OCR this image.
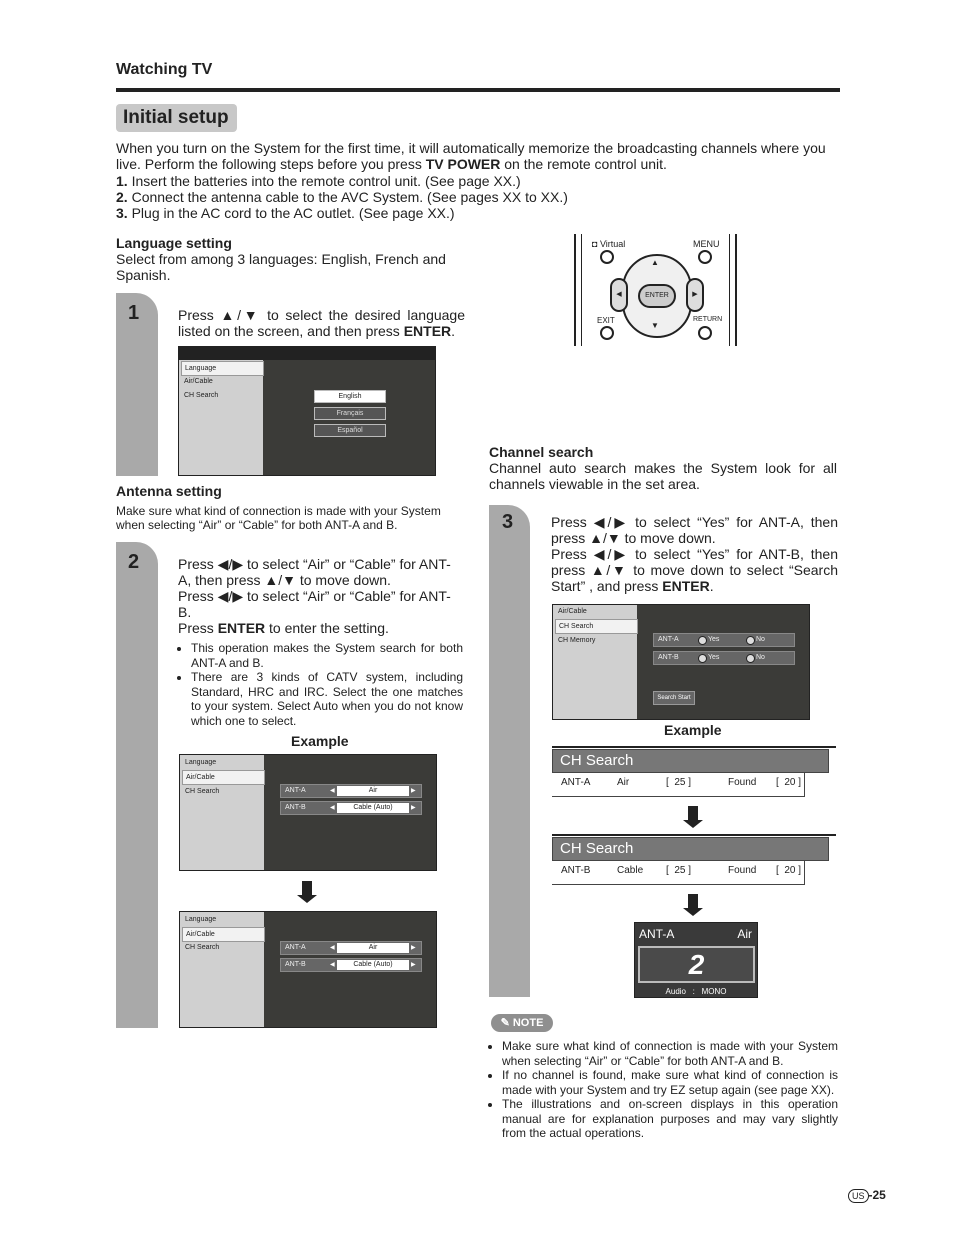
Watching TV
Initial setup
When you turn on the System for the first time, it will automatically memorize the broadcasting channels where you live. Perform the following steps before you press TV POWER on the remote control unit.
1. Insert the batteries into the remote control unit. (See page XX.)
2. Connect the antenna cable to the AVC System. (See pages XX to XX.)
3. Plug in the AC cord to the AC outlet. (See page XX.)
Language setting
Select from among 3 languages: English, French and Spanish.
1	Press ▲/▼ to select the desired language listed on the screen, and then press ENTER.
Language
Air/Cable
CH Search	English
Français
Español
Antenna setting
Make sure what kind of connection is made with your System when selecting “Air” or “Cable” for both ANT-A and B.
2	Press ◀/▶ to select “Air” or “Cable” for ANT-A, then press ▲/▼ to move down.
Press ◀/▶ to select “Air” or “Cable” for ANT-B.
Press ENTER to enter the setting.
• This operation makes the System search for both ANT-A and B.
• There are 3 kinds of CATV system, including Standard, HRC and IRC. Select the one matches to your system. Select Auto when you do not know which one to select.
Example
Language
Air/Cable
CH Search	ANT-A	◀	Air	▶
ANT-B	◀	Cable (Auto)	▶
Language
Air/Cable
CH Search	ANT-A	◀	Air	▶
ANT-B	◀	Cable (Auto)	▶
◘ Virtual	MENU
▲
▼
◀	▶
ENTER
EXIT	RETURN
Channel search
Channel auto search makes the System look for all channels viewable in the set area.
3	Press ◀/▶ to select “Yes” for ANT-A, then press ▲/▼ to move down.
Press ◀/▶ to select “Yes” for ANT-B, then press ▲/▼ to move down to select “Search Start” , and press ENTER.
Air/Cable
CH Search
CH Memory	ANT-A	Yes	No
ANT-B	Yes	No
Search Start
Example
CH Search
ANT-A	Air	[  25 ]	Found [  20 ]
CH Search
ANT-B	Cable [  25 ]	Found [  20 ]
ANT-A	Air
2
Audio : MONO
✎ NOTE
• Make sure what kind of connection is made with your System when selecting “Air” or “Cable” for both ANT-A and B.
• If no channel is found, make sure what kind of connection is made with your System and try EZ setup again (see page XX).
• The illustrations and on-screen displays in this operation manual are for explanation purposes and may vary slightly from the actual operations.
US -25
